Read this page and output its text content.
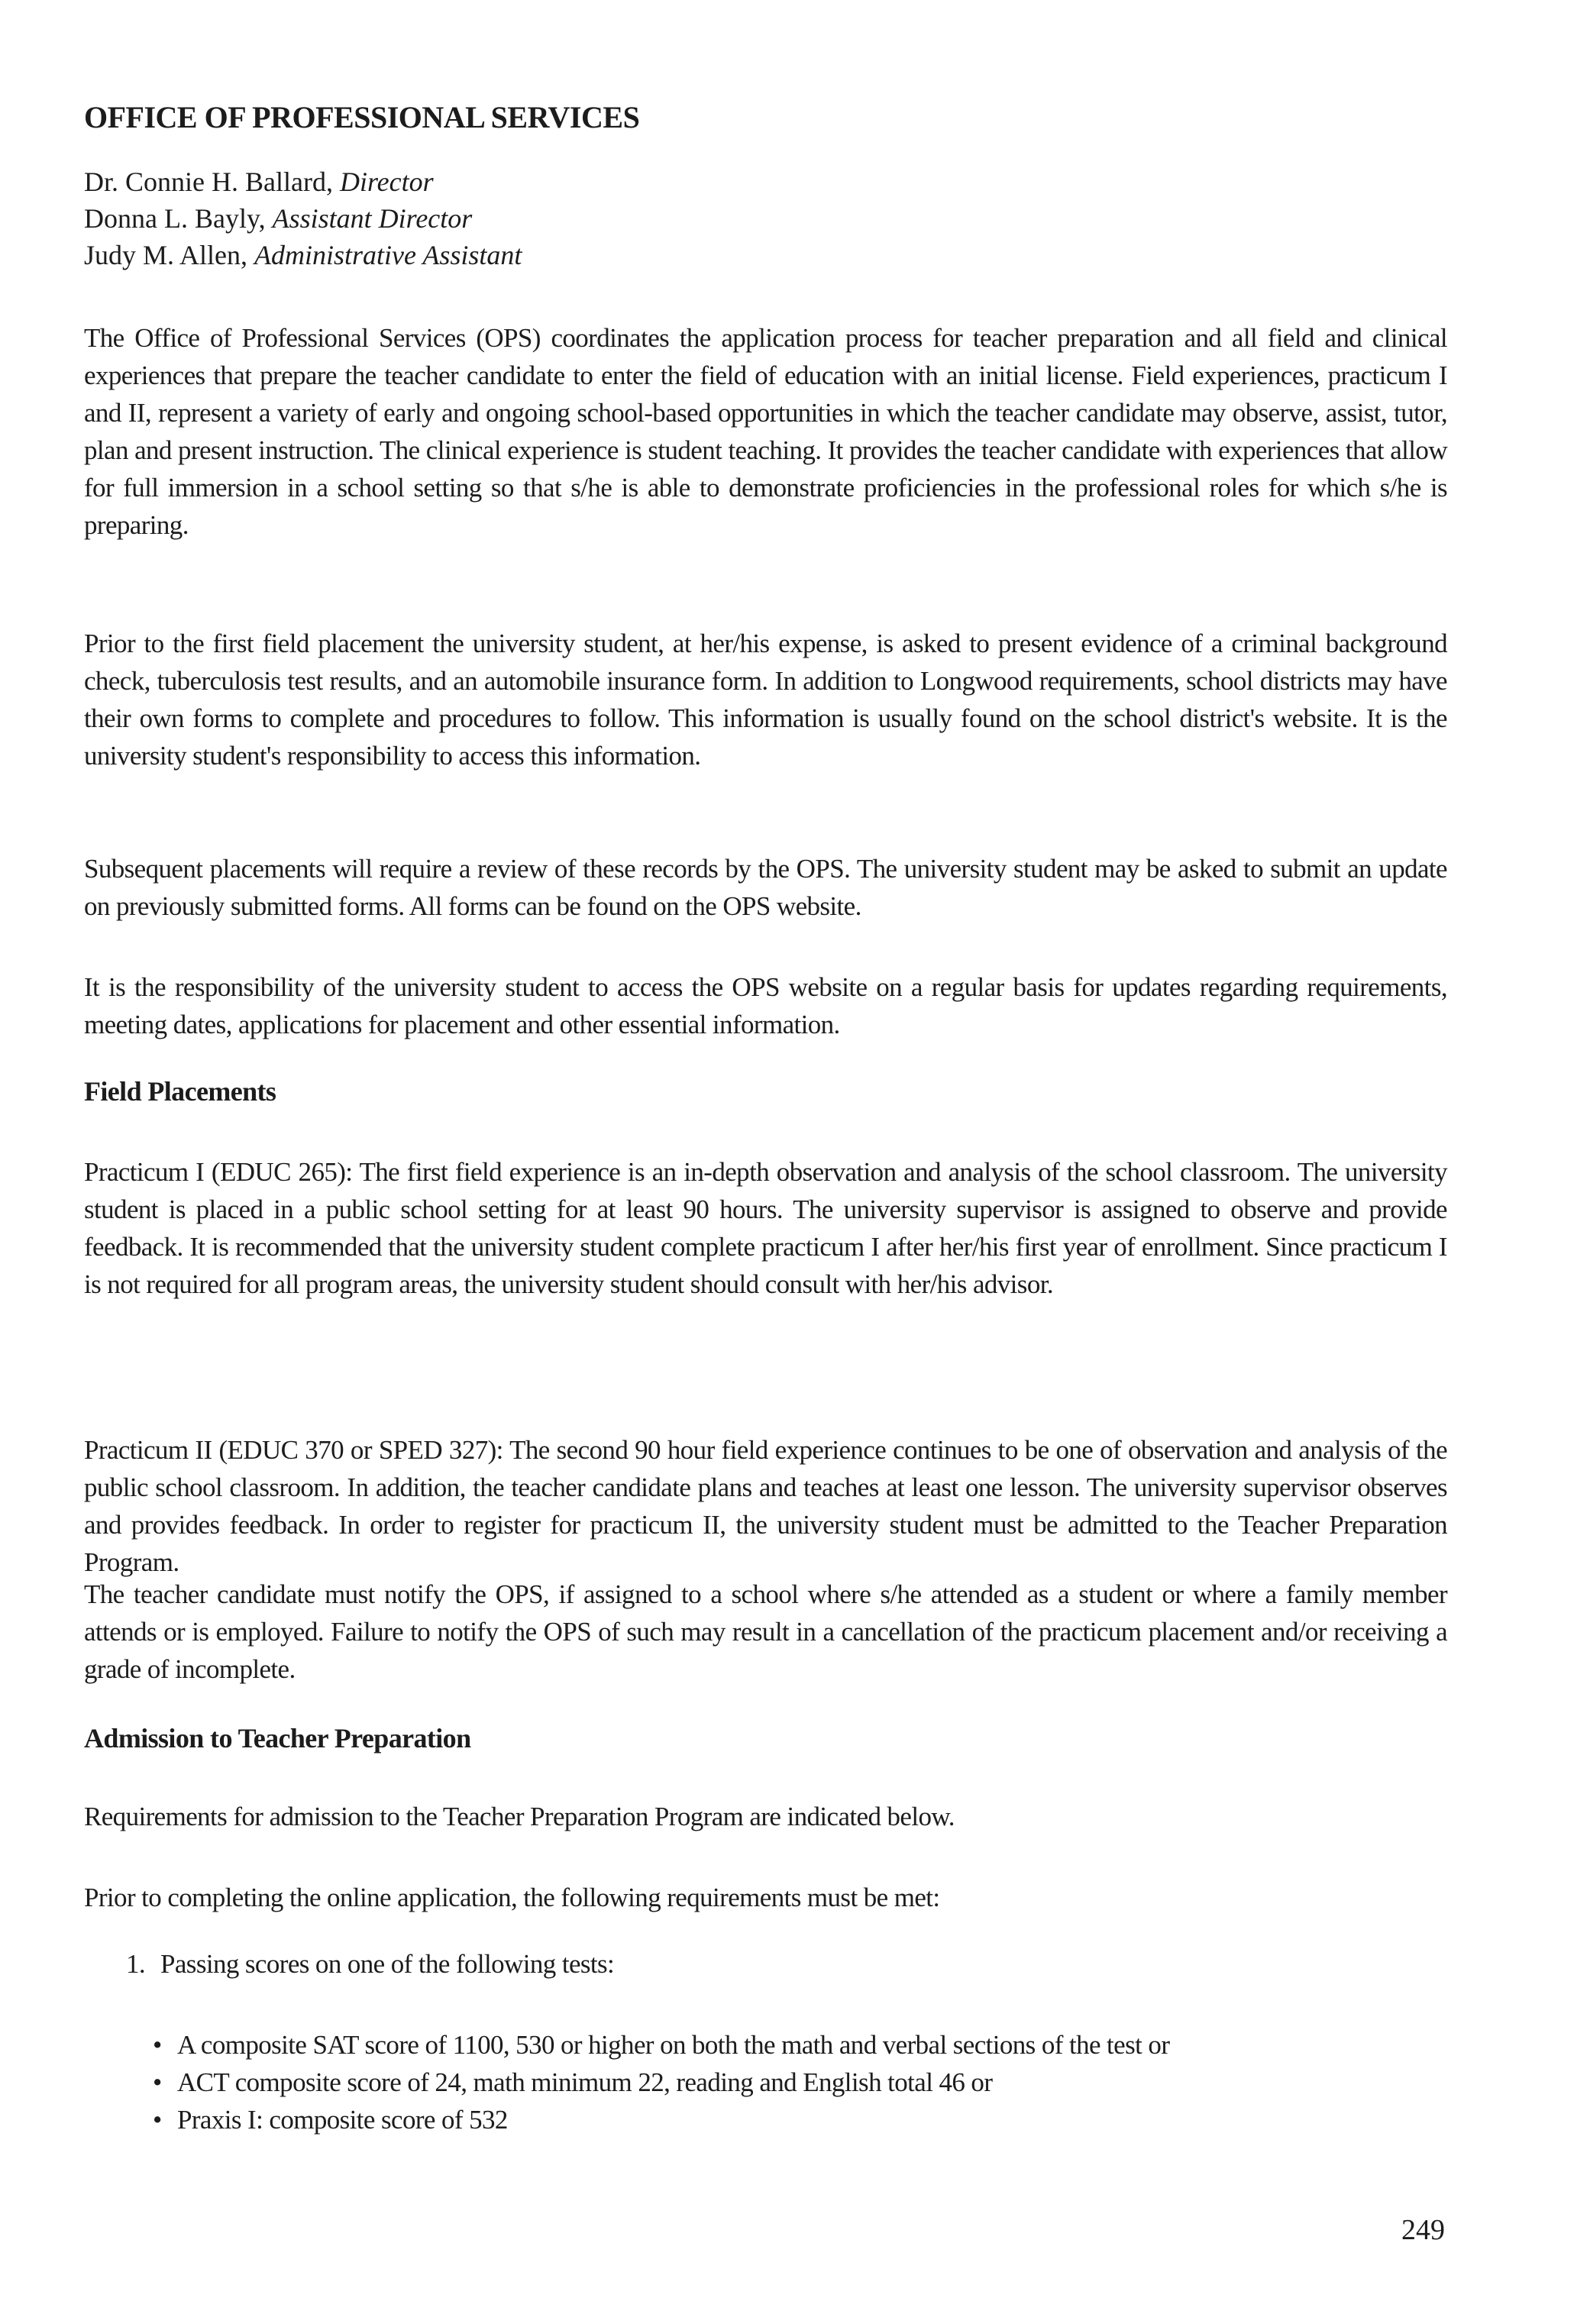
OFFICE OF PROFESSIONAL SERVICES
Dr. Connie H. Ballard, Director
Donna L. Bayly, Assistant Director
Judy M. Allen, Administrative Assistant

The Office of Professional Services (OPS) coordinates the application process for teacher preparation and all field and clinical experiences that prepare the teacher candidate to enter the field of education with an initial license. Field experiences, practicum I and II, represent a variety of early and ongoing school-based opportunities in which the teacher candidate may observe, assist, tutor, plan and present instruction. The clinical experience is student teaching. It provides the teacher candidate with experiences that allow for full immersion in a school setting so that s/he is able to demonstrate proficiencies in the professional roles for which s/he is preparing.

Prior to the first field placement the university student, at her/his expense, is asked to present evidence of a criminal background check, tuberculosis test results, and an automobile insurance form. In addition to Longwood requirements, school districts may have their own forms to complete and procedures to follow. This information is usually found on the school district's website. It is the university student's responsibility to access this information.

Subsequent placements will require a review of these records by the OPS. The university student may be asked to submit an update on previously submitted forms. All forms can be found on the OPS website.

It is the responsibility of the university student to access the OPS website on a regular basis for updates regarding requirements, meeting dates, applications for placement and other essential information.

Field Placements

Practicum I (EDUC 265): The first field experience is an in-depth observation and analysis of the school classroom. The university student is placed in a public school setting for at least 90 hours. The university supervisor is assigned to observe and provide feedback. It is recommended that the university student complete practicum I after her/his first year of enrollment. Since practicum I is not required for all program areas, the university student should consult with her/his advisor.

Practicum II (EDUC 370 or SPED 327): The second 90 hour field experience continues to be one of observation and analysis of the public school classroom. In addition, the teacher candidate plans and teaches at least one lesson. The university supervisor observes and provides feedback. In order to register for practicum II, the university student must be admitted to the Teacher Preparation Program.

The teacher candidate must notify the OPS, if assigned to a school where s/he attended as a student or where a family member attends or is employed. Failure to notify the OPS of such may result in a cancellation of the practicum placement and/or receiving a grade of incomplete.

Admission to Teacher Preparation

Requirements for admission to the Teacher Preparation Program are indicated below.

Prior to completing the online application, the following requirements must be met:

1. Passing scores on one of the following tests:
• A composite SAT score of 1100, 530 or higher on both the math and verbal sections of the test or
• ACT composite score of 24, math minimum 22, reading and English total 46 or
• Praxis I: composite score of 532
249
